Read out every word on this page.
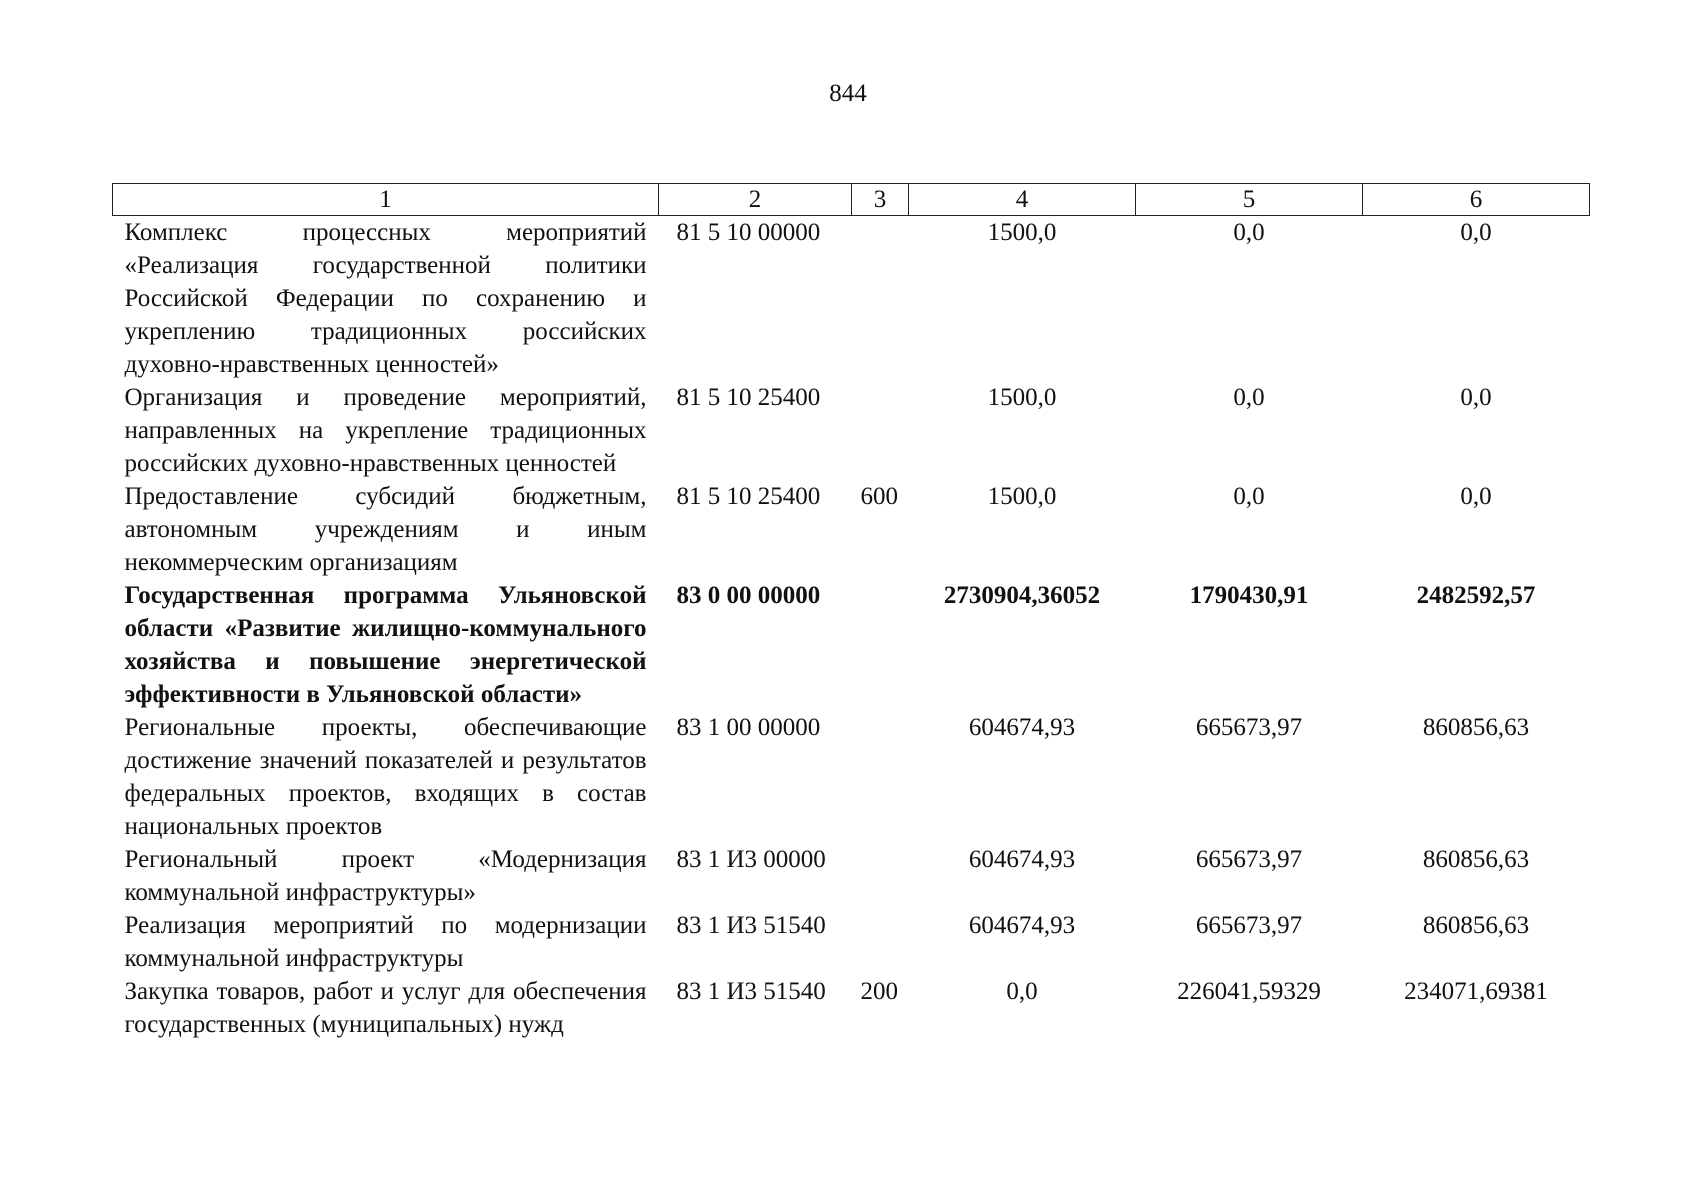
844
1	2	3	4	5	6
Комплекс процессных мероприятий «Реализация государственной политики Российской Федерации по сохранению и укреплению традиционных российских духовно-нравственных ценностей»	81 5 10 00000		1500,0	0,0	0,0
Организация и проведение мероприятий, направленных на укрепление традиционных российских духовно-нравственных ценностей	81 5 10 25400		1500,0	0,0	0,0
Предоставление субсидий бюджетным, автономным учреждениям и иным некоммерческим организациям	81 5 10 25400	600	1500,0	0,0	0,0
Государственная программа Ульяновской области «Развитие жилищно-коммунального хозяйства и повышение энергетической эффективности в Ульяновской области»	83 0 00 00000		2730904,36052	1790430,91	2482592,57
Региональные проекты, обеспечивающие достижение значений показателей и результатов федеральных проектов, входящих в состав национальных проектов	83 1 00 00000		604674,93	665673,97	860856,63
Региональный проект «Модернизация коммунальной инфраструктуры»	83 1 И3 00000		604674,93	665673,97	860856,63
Реализация мероприятий по модернизации коммунальной инфраструктуры	83 1 И3 51540		604674,93	665673,97	860856,63
Закупка товаров, работ и услуг для обеспечения государственных (муниципальных) нужд	83 1 И3 51540	200	0,0	226041,59329	234071,69381
